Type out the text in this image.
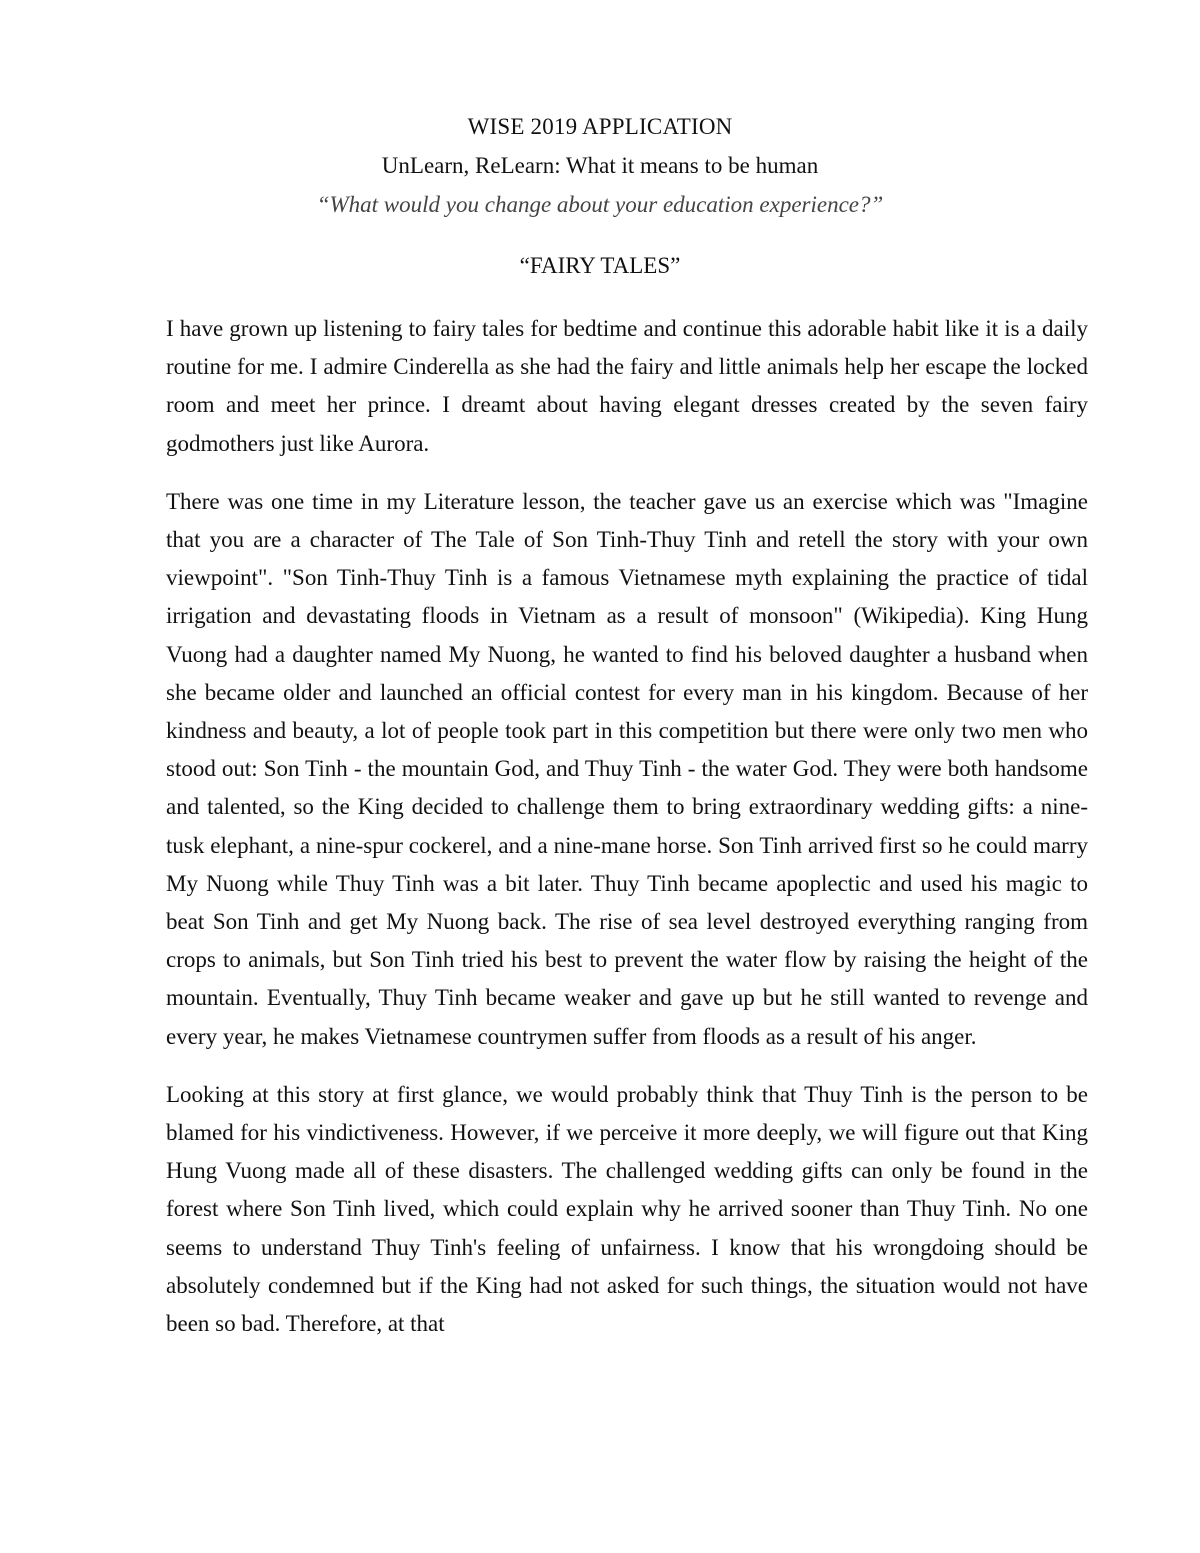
WISE 2019 APPLICATION
UnLearn, ReLearn: What it means to be human
“What would you change about your education experience?”
“FAIRY TALES”

I have grown up listening to fairy tales for bedtime and continue this adorable habit like it is a daily routine for me. I admire Cinderella as she had the fairy and little animals help her escape the locked room and meet her prince. I dreamt about having elegant dresses created by the seven fairy godmothers just like Aurora.

There was one time in my Literature lesson, the teacher gave us an exercise which was "Imagine that you are a character of The Tale of Son Tinh-Thuy Tinh and retell the story with your own viewpoint". "Son Tinh-Thuy Tinh is a famous Vietnamese myth explaining the practice of tidal irrigation and devastating floods in Vietnam as a result of monsoon" (Wikipedia). King Hung Vuong had a daughter named My Nuong, he wanted to find his beloved daughter a husband when she became older and launched an official contest for every man in his kingdom. Because of her kindness and beauty, a lot of people took part in this competition but there were only two men who stood out: Son Tinh - the mountain God, and Thuy Tinh - the water God. They were both handsome and talented, so the King decided to challenge them to bring extraordinary wedding gifts: a nine-tusk elephant, a nine-spur cockerel, and a nine-mane horse. Son Tinh arrived first so he could marry My Nuong while Thuy Tinh was a bit later. Thuy Tinh became apoplectic and used his magic to beat Son Tinh and get My Nuong back. The rise of sea level destroyed everything ranging from crops to animals, but Son Tinh tried his best to prevent the water flow by raising the height of the mountain. Eventually, Thuy Tinh became weaker and gave up but he still wanted to revenge and every year, he makes Vietnamese countrymen suffer from floods as a result of his anger.

Looking at this story at first glance, we would probably think that Thuy Tinh is the person to be blamed for his vindictiveness. However, if we perceive it more deeply, we will figure out that King Hung Vuong made all of these disasters. The challenged wedding gifts can only be found in the forest where Son Tinh lived, which could explain why he arrived sooner than Thuy Tinh. No one seems to understand Thuy Tinh's feeling of unfairness. I know that his wrongdoing should be absolutely condemned but if the King had not asked for such things, the situation would not have been so bad. Therefore, at that
